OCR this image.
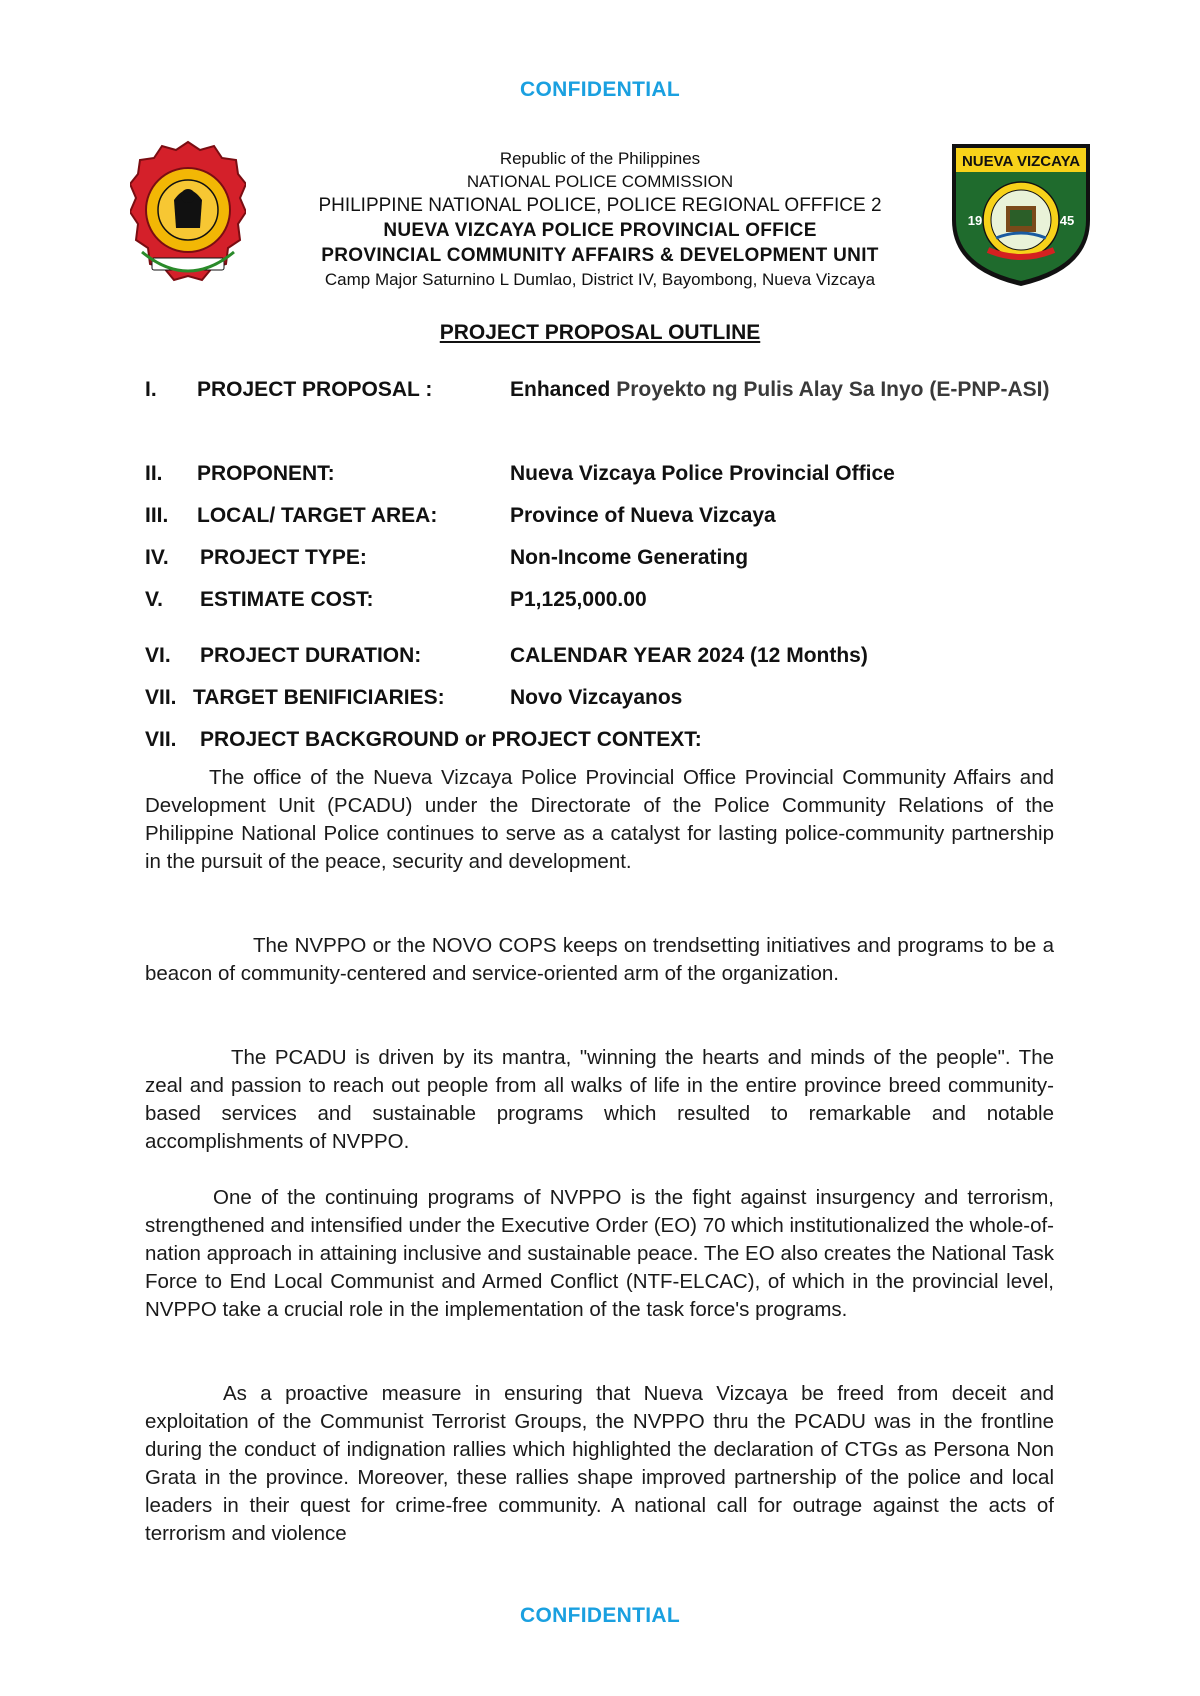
CONFIDENTIAL
NUEVA VIZCAYA
19	45
Republic of the Philippines
NATIONAL POLICE COMMISSION
PHILIPPINE NATIONAL POLICE, POLICE REGIONAL OFFFICE 2
NUEVA VIZCAYA POLICE PROVINCIAL OFFICE
PROVINCIAL COMMUNITY AFFAIRS & DEVELOPMENT UNIT
Camp Major Saturnino L Dumlao, District IV, Bayombong, Nueva Vizcaya
PROJECT PROPOSAL OUTLINE
I. PROJECT PROPOSAL :	Enhanced Proyekto ng Pulis Alay Sa Inyo (E-PNP-ASI)
II. PROPONENT:	Nueva Vizcaya Police Provincial Office
III. LOCAL/ TARGET AREA:	Province of Nueva Vizcaya
IV. PROJECT TYPE:	Non-Income Generating
V. ESTIMATE COST:	P1,125,000.00
VI. PROJECT DURATION:	CALENDAR YEAR 2024 (12 Months)
VII. TARGET BENIFICIARIES:	Novo Vizcayanos
VII. PROJECT BACKGROUND or PROJECT CONTEXT:
The office of the Nueva Vizcaya Police Provincial Office Provincial Community Affairs and Development Unit (PCADU) under the Directorate of the Police Community Relations of the Philippine National Police continues to serve as a catalyst for lasting police-community partnership in the pursuit of the peace, security and development.
The NVPPO or the NOVO COPS keeps on trendsetting initiatives and programs to be a beacon of community-centered and service-oriented arm of the organization.
The PCADU is driven by its mantra, "winning the hearts and minds of the people". The zeal and passion to reach out people from all walks of life in the entire province breed community-based services and sustainable programs which resulted to remarkable and notable accomplishments of NVPPO.
One of the continuing programs of NVPPO is the fight against insurgency and terrorism, strengthened and intensified under the Executive Order (EO) 70 which institutionalized the whole-of-nation approach in attaining inclusive and sustainable peace. The EO also creates the National Task Force to End Local Communist and Armed Conflict (NTF-ELCAC), of which in the provincial level, NVPPO take a crucial role in the implementation of the task force's programs.
As a proactive measure in ensuring that Nueva Vizcaya be freed from deceit and exploitation of the Communist Terrorist Groups, the NVPPO thru the PCADU was in the frontline during the conduct of indignation rallies which highlighted the declaration of CTGs as Persona Non Grata in the province. Moreover, these rallies shape improved partnership of the police and local leaders in their quest for crime-free community. A national call for outrage against the acts of terrorism and violence
CONFIDENTIAL
